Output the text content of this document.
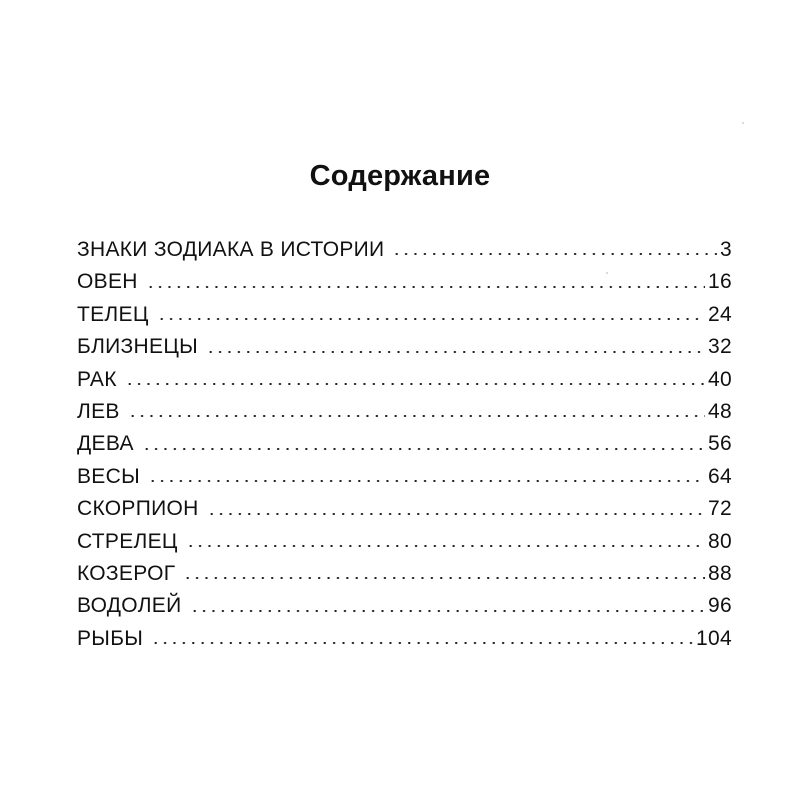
Содержание
ЗНАКИ ЗОДИАКА В ИСТОРИИ	3
ОВЕН	16
ТЕЛЕЦ	24
БЛИЗНЕЦЫ	32
РАК	40
ЛЕВ	48
ДЕВА	56
ВЕСЫ	64
СКОРПИОН	72
СТРЕЛЕЦ	80
КОЗЕРОГ	88
ВОДОЛЕЙ	96
РЫБЫ	104
